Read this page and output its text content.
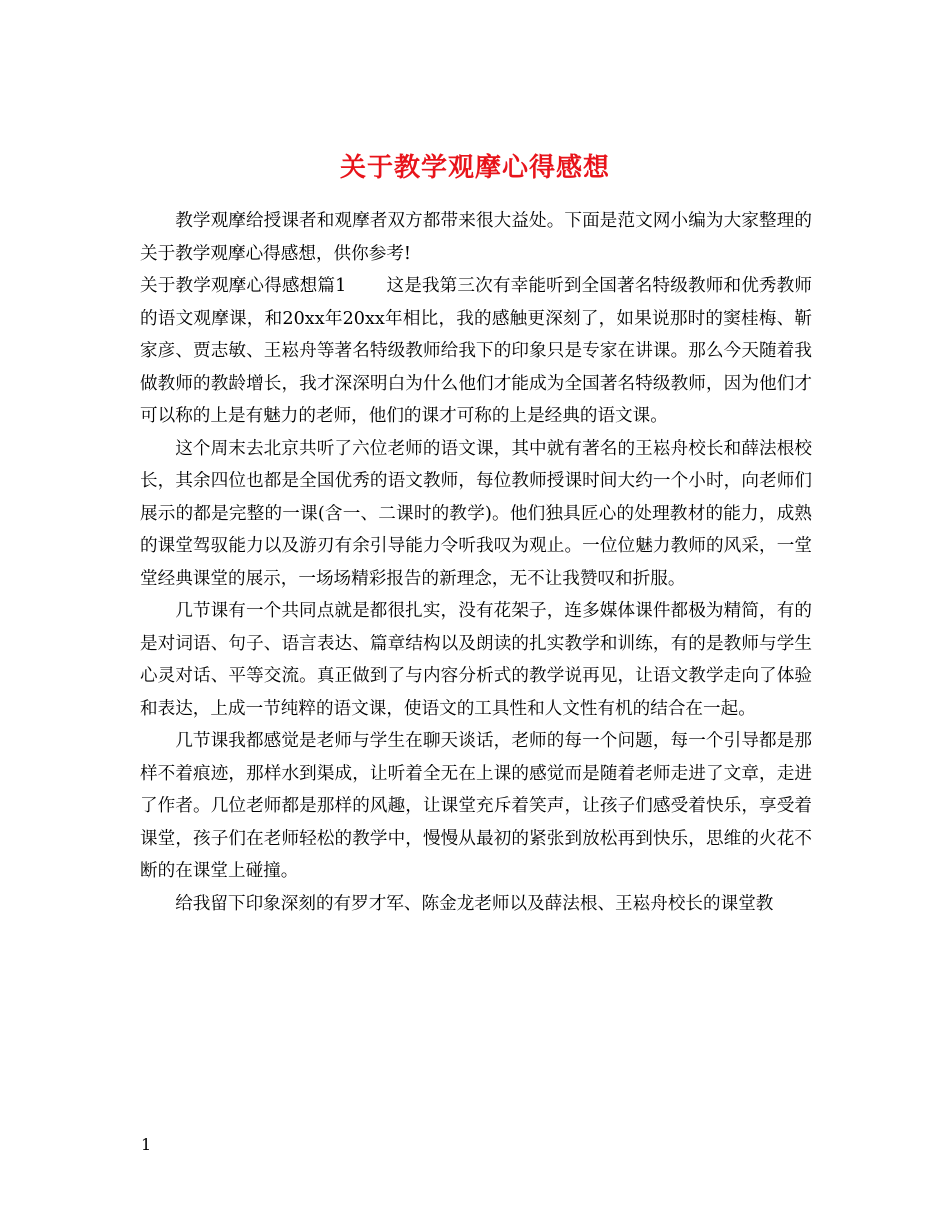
关于教学观摩心得感想

教学观摩给授课者和观摩者双方都带来很大益处。下面是范文网小编为大家整理的关于教学观摩心得感想，供你参考!

关于教学观摩心得感想篇1 这是我第三次有幸能听到全国著名特级教师和优秀教师的语文观摩课，和20xx年20xx年相比，我的感触更深刻了，如果说那时的窦桂梅、靳家彦、贾志敏、王崧舟等著名特级教师给我下的印象只是专家在讲课。那么今天随着我做教师的教龄增长，我才深深明白为什么他们才能成为全国著名特级教师，因为他们才可以称的上是有魅力的老师，他们的课才可称的上是经典的语文课。

这个周末去北京共听了六位老师的语文课，其中就有著名的王崧舟校长和薛法根校长，其余四位也都是全国优秀的语文教师，每位教师授课时间大约一个小时，向老师们展示的都是完整的一课(含一、二课时的教学)。他们独具匠心的处理教材的能力，成熟的课堂驾驭能力以及游刃有余引导能力令听我叹为观止。一位位魅力教师的风采，一堂堂经典课堂的展示，一场场精彩报告的新理念，无不让我赞叹和折服。

几节课有一个共同点就是都很扎实，没有花架子，连多媒体课件都极为精简，有的是对词语、句子、语言表达、篇章结构以及朗读的扎实教学和训练，有的是教师与学生心灵对话、平等交流。真正做到了与内容分析式的教学说再见，让语文教学走向了体验和表达，上成一节纯粹的语文课，使语文的工具性和人文性有机的结合在一起。

几节课我都感觉是老师与学生在聊天谈话，老师的每一个问题，每一个引导都是那样不着痕迹，那样水到渠成，让听着全无在上课的感觉而是随着老师走进了文章，走进了作者。几位老师都是那样的风趣，让课堂充斥着笑声，让孩子们感受着快乐，享受着课堂，孩子们在老师轻松的教学中，慢慢从最初的紧张到放松再到快乐，思维的火花不断的在课堂上碰撞。

给我留下印象深刻的有罗才军、陈金龙老师以及薛法根、王崧舟校长的课堂教

1
